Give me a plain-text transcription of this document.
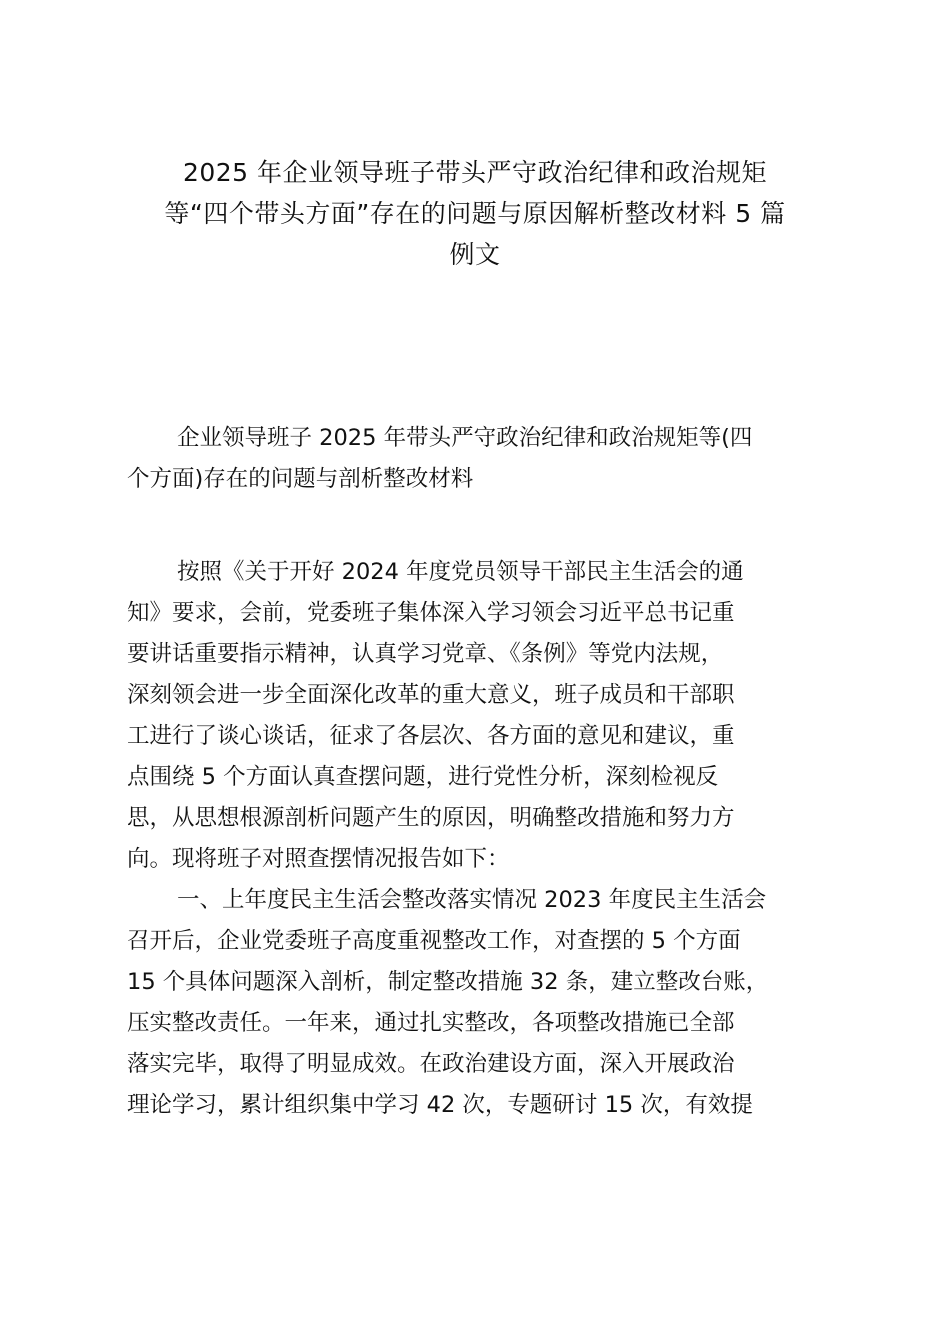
2025 年企业领导班子带头严守政治纪律和政治规矩
等“四个带头方面”存在的问题与原因解析整改材料 5 篇
例文
企业领导班子 2025 年带头严守政治纪律和政治规矩等(四
个方面)存在的问题与剖析整改材料
按照《关于开好 2024 年度党员领导干部民主生活会的通
知》要求，会前，党委班子集体深入学习领会习近平总书记重
要讲话重要指示精神，认真学习党章、《条例》等党内法规，
深刻领会进一步全面深化改革的重大意义，班子成员和干部职
工进行了谈心谈话，征求了各层次、各方面的意见和建议，重
点围绕 5 个方面认真查摆问题，进行党性分析，深刻检视反
思，从思想根源剖析问题产生的原因，明确整改措施和努力方
向。现将班子对照查摆情况报告如下：
一、上年度民主生活会整改落实情况 2023 年度民主生活会
召开后，企业党委班子高度重视整改工作，对查摆的 5 个方面
15 个具体问题深入剖析，制定整改措施 32 条，建立整改台账，
压实整改责任。一年来，通过扎实整改，各项整改措施已全部
落实完毕，取得了明显成效。在政治建设方面，深入开展政治
理论学习，累计组织集中学习 42 次，专题研讨 15 次，有效提
